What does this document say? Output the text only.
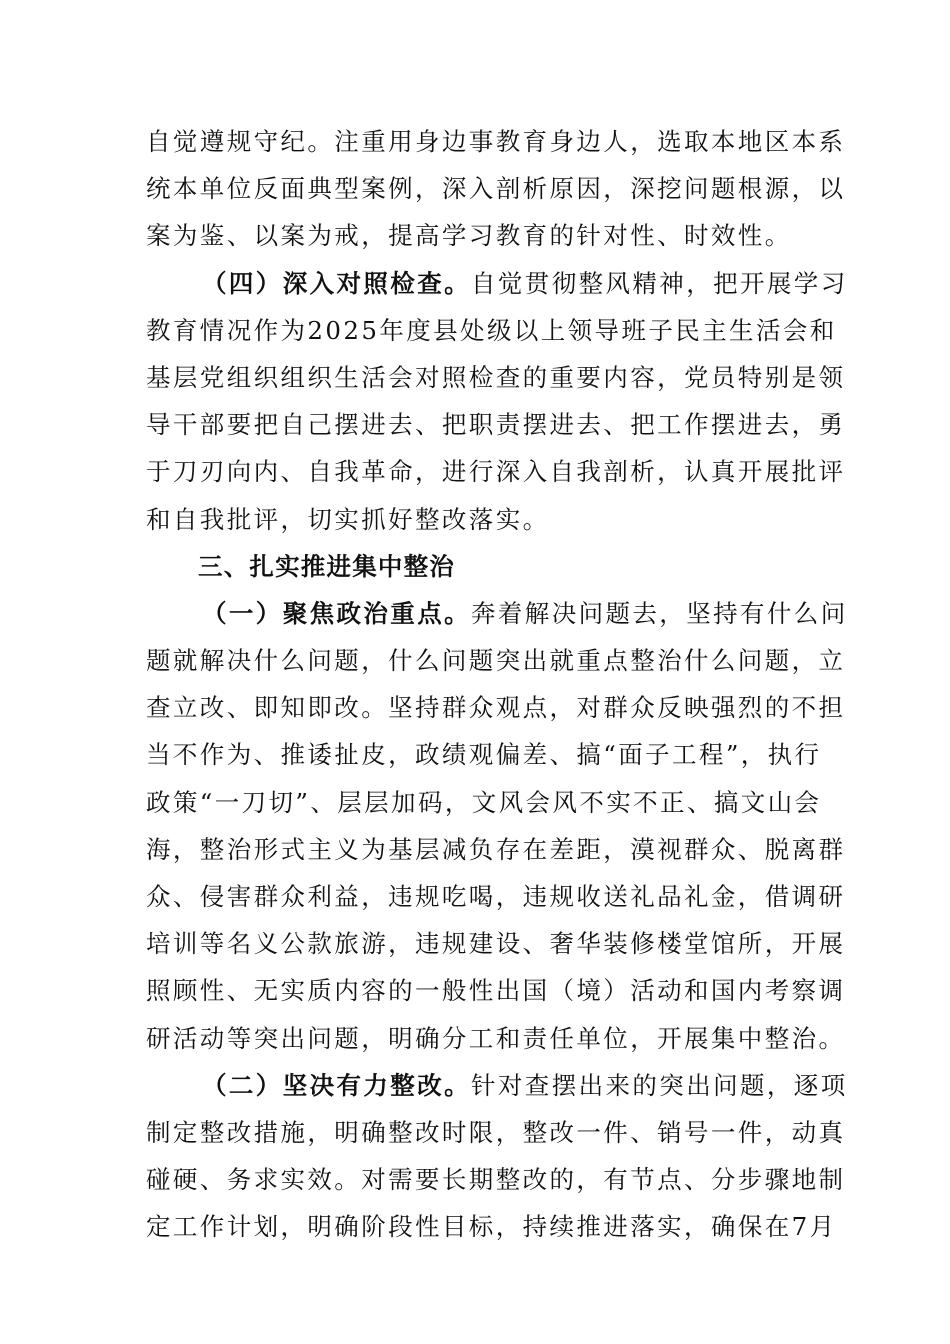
自觉遵规守纪。注重用身边事教育身边人，选取本地区本系
统本单位反面典型案例，深入剖析原因，深挖问题根源，以
案为鉴、以案为戒，提高学习教育的针对性、时效性。
（四）深入对照检查。自觉贯彻整风精神，把开展学习
教育情况作为2025年度县处级以上领导班子民主生活会和
基层党组织组织生活会对照检查的重要内容，党员特别是领
导干部要把自己摆进去、把职责摆进去、把工作摆进去，勇
于刀刃向内、自我革命，进行深入自我剖析，认真开展批评
和自我批评，切实抓好整改落实。
三、扎实推进集中整治
（一）聚焦政治重点。奔着解决问题去，坚持有什么问
题就解决什么问题，什么问题突出就重点整治什么问题，立
查立改、即知即改。坚持群众观点，对群众反映强烈的不担
当不作为、推诿扯皮，政绩观偏差、搞“面子工程”，执行
政策“一刀切”、层层加码，文风会风不实不正、搞文山会
海，整治形式主义为基层减负存在差距，漠视群众、脱离群
众、侵害群众利益，违规吃喝，违规收送礼品礼金，借调研
培训等名义公款旅游，违规建设、奢华装修楼堂馆所，开展
照顾性、无实质内容的一般性出国（境）活动和国内考察调
研活动等突出问题，明确分工和责任单位，开展集中整治。
（二）坚决有力整改。针对查摆出来的突出问题，逐项
制定整改措施，明确整改时限，整改一件、销号一件，动真
碰硬、务求实效。对需要长期整改的，有节点、分步骤地制
定工作计划，明确阶段性目标，持续推进落实，确保在7月
